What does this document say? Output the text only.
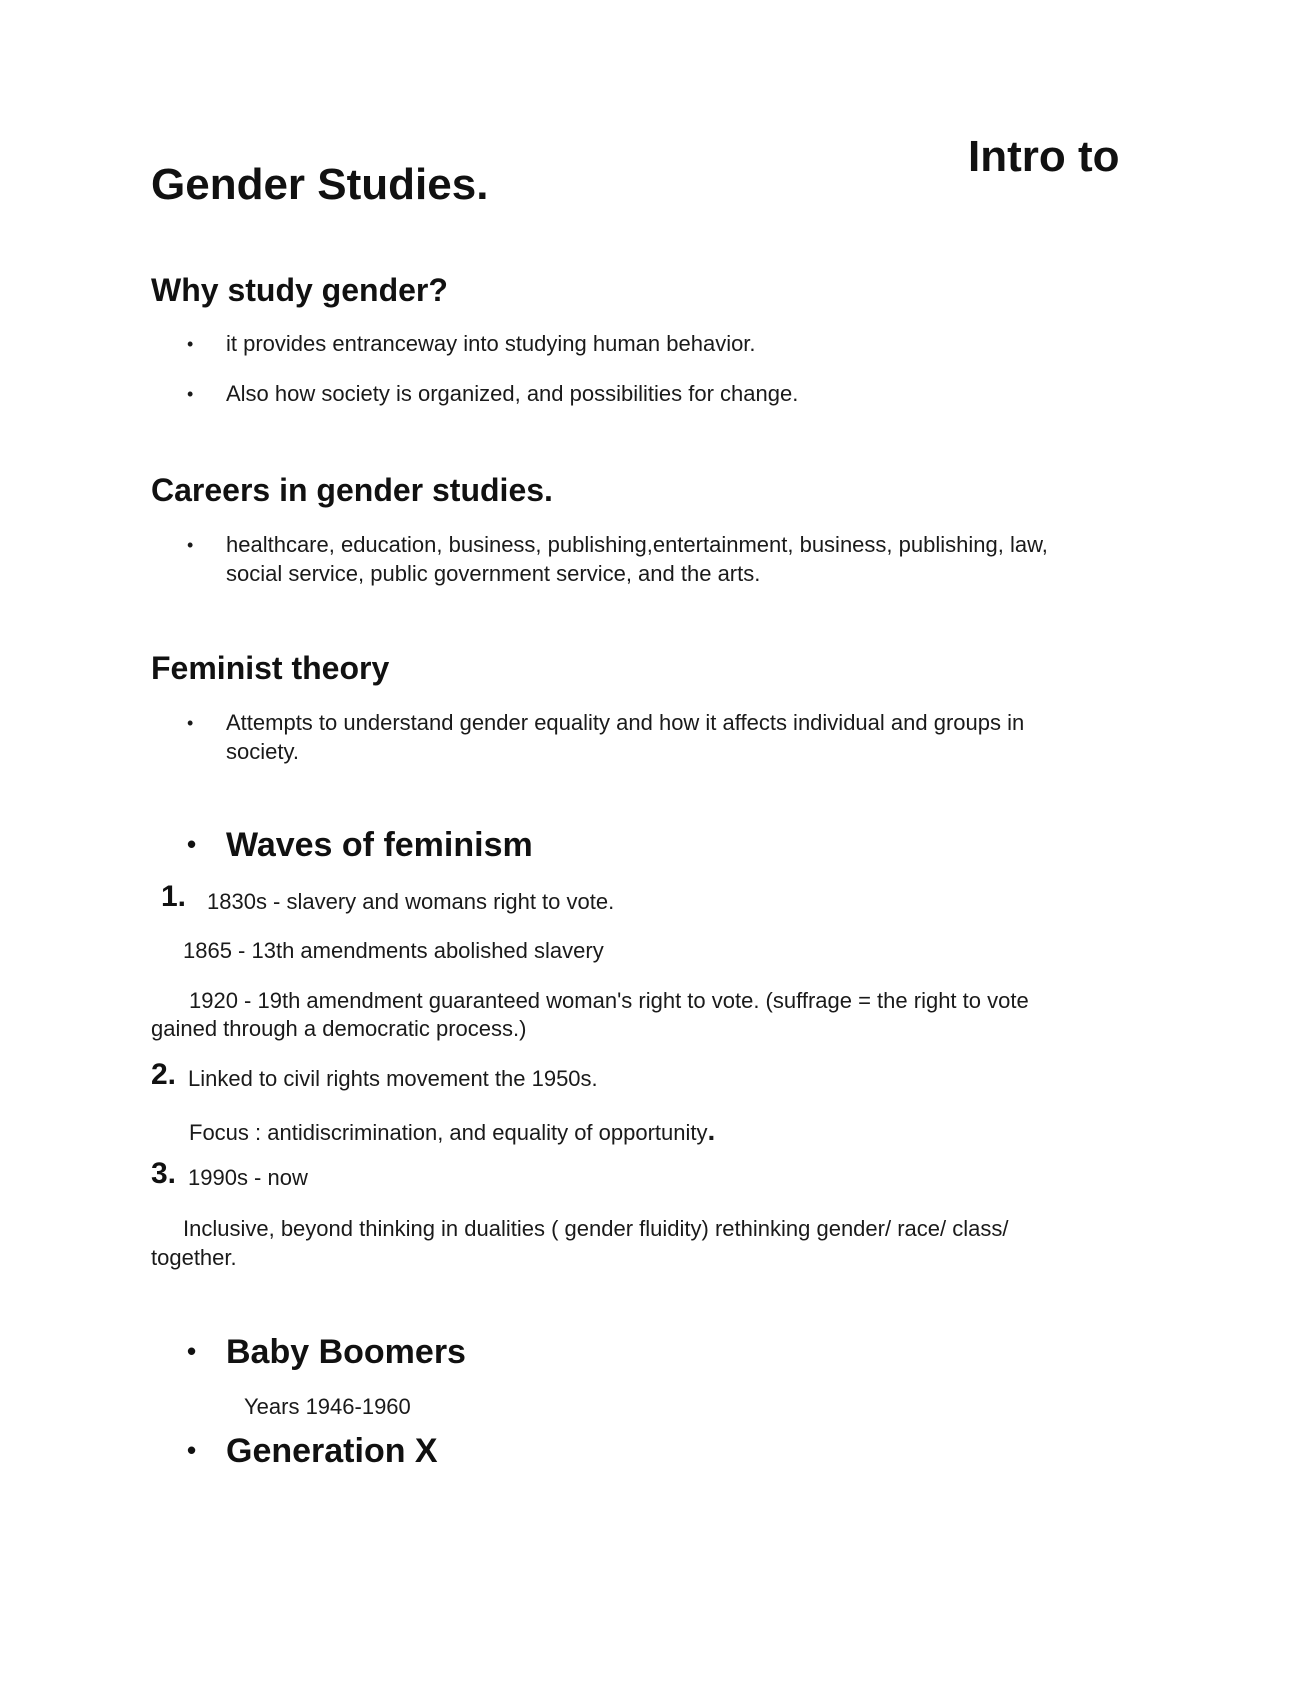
Intro to
Gender Studies.
Why study gender?
• it provides entranceway into studying human behavior.
• Also how society is organized, and possibilities for change.
Careers in gender studies.
• healthcare, education, business, publishing,entertainment, business, publishing, law,
social service, public government service, and the arts.
Feminist theory
• Attempts to understand gender equality and how it affects individual and groups in
society.
• Waves of feminism
1. 1830s - slavery and womans right to vote.
1865 - 13th amendments abolished slavery
1920 - 19th amendment guaranteed woman's right to vote. (suffrage = the right to vote
gained through a democratic process.)
2. Linked to civil rights movement the 1950s.
Focus : antidiscrimination, and equality of opportunity.
3. 1990s - now
Inclusive, beyond thinking in dualities ( gender fluidity) rethinking gender/ race/ class/
together.
• Baby Boomers
Years 1946-1960
• Generation X
